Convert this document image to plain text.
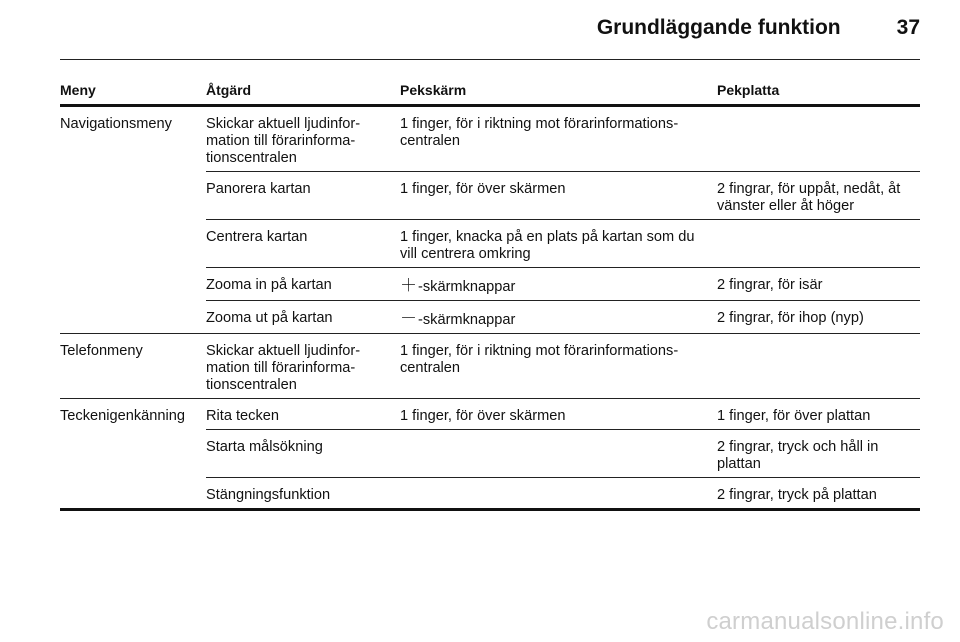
Grundläggande funktion	37
Meny	Åtgärd	Pekskärm	Pekplatta
Navigationsmeny	Skickar aktuell ljudinfor-mation till förarinforma-tionscentralen	1 finger, för i riktning mot förarinformations-centralen	
	Panorera kartan	1 finger, för över skärmen	2 fingrar, för uppåt, nedåt, åt vänster eller åt höger
	Centrera kartan	1 finger, knacka på en plats på kartan som du vill centrera omkring	
	Zooma in på kartan	＋-skärmknappar	2 fingrar, för isär
	Zooma ut på kartan	－-skärmknappar	2 fingrar, för ihop (nyp)
Telefonmeny	Skickar aktuell ljudinfor-mation till förarinforma-tionscentralen	1 finger, för i riktning mot förarinformations-centralen	
Teckenigenkänning	Rita tecken	1 finger, för över skärmen	1 finger, för över plattan
	Starta målsökning		2 fingrar, tryck och håll in plattan
	Stängningsfunktion		2 fingrar, tryck på plattan
carmanualsonline.info
